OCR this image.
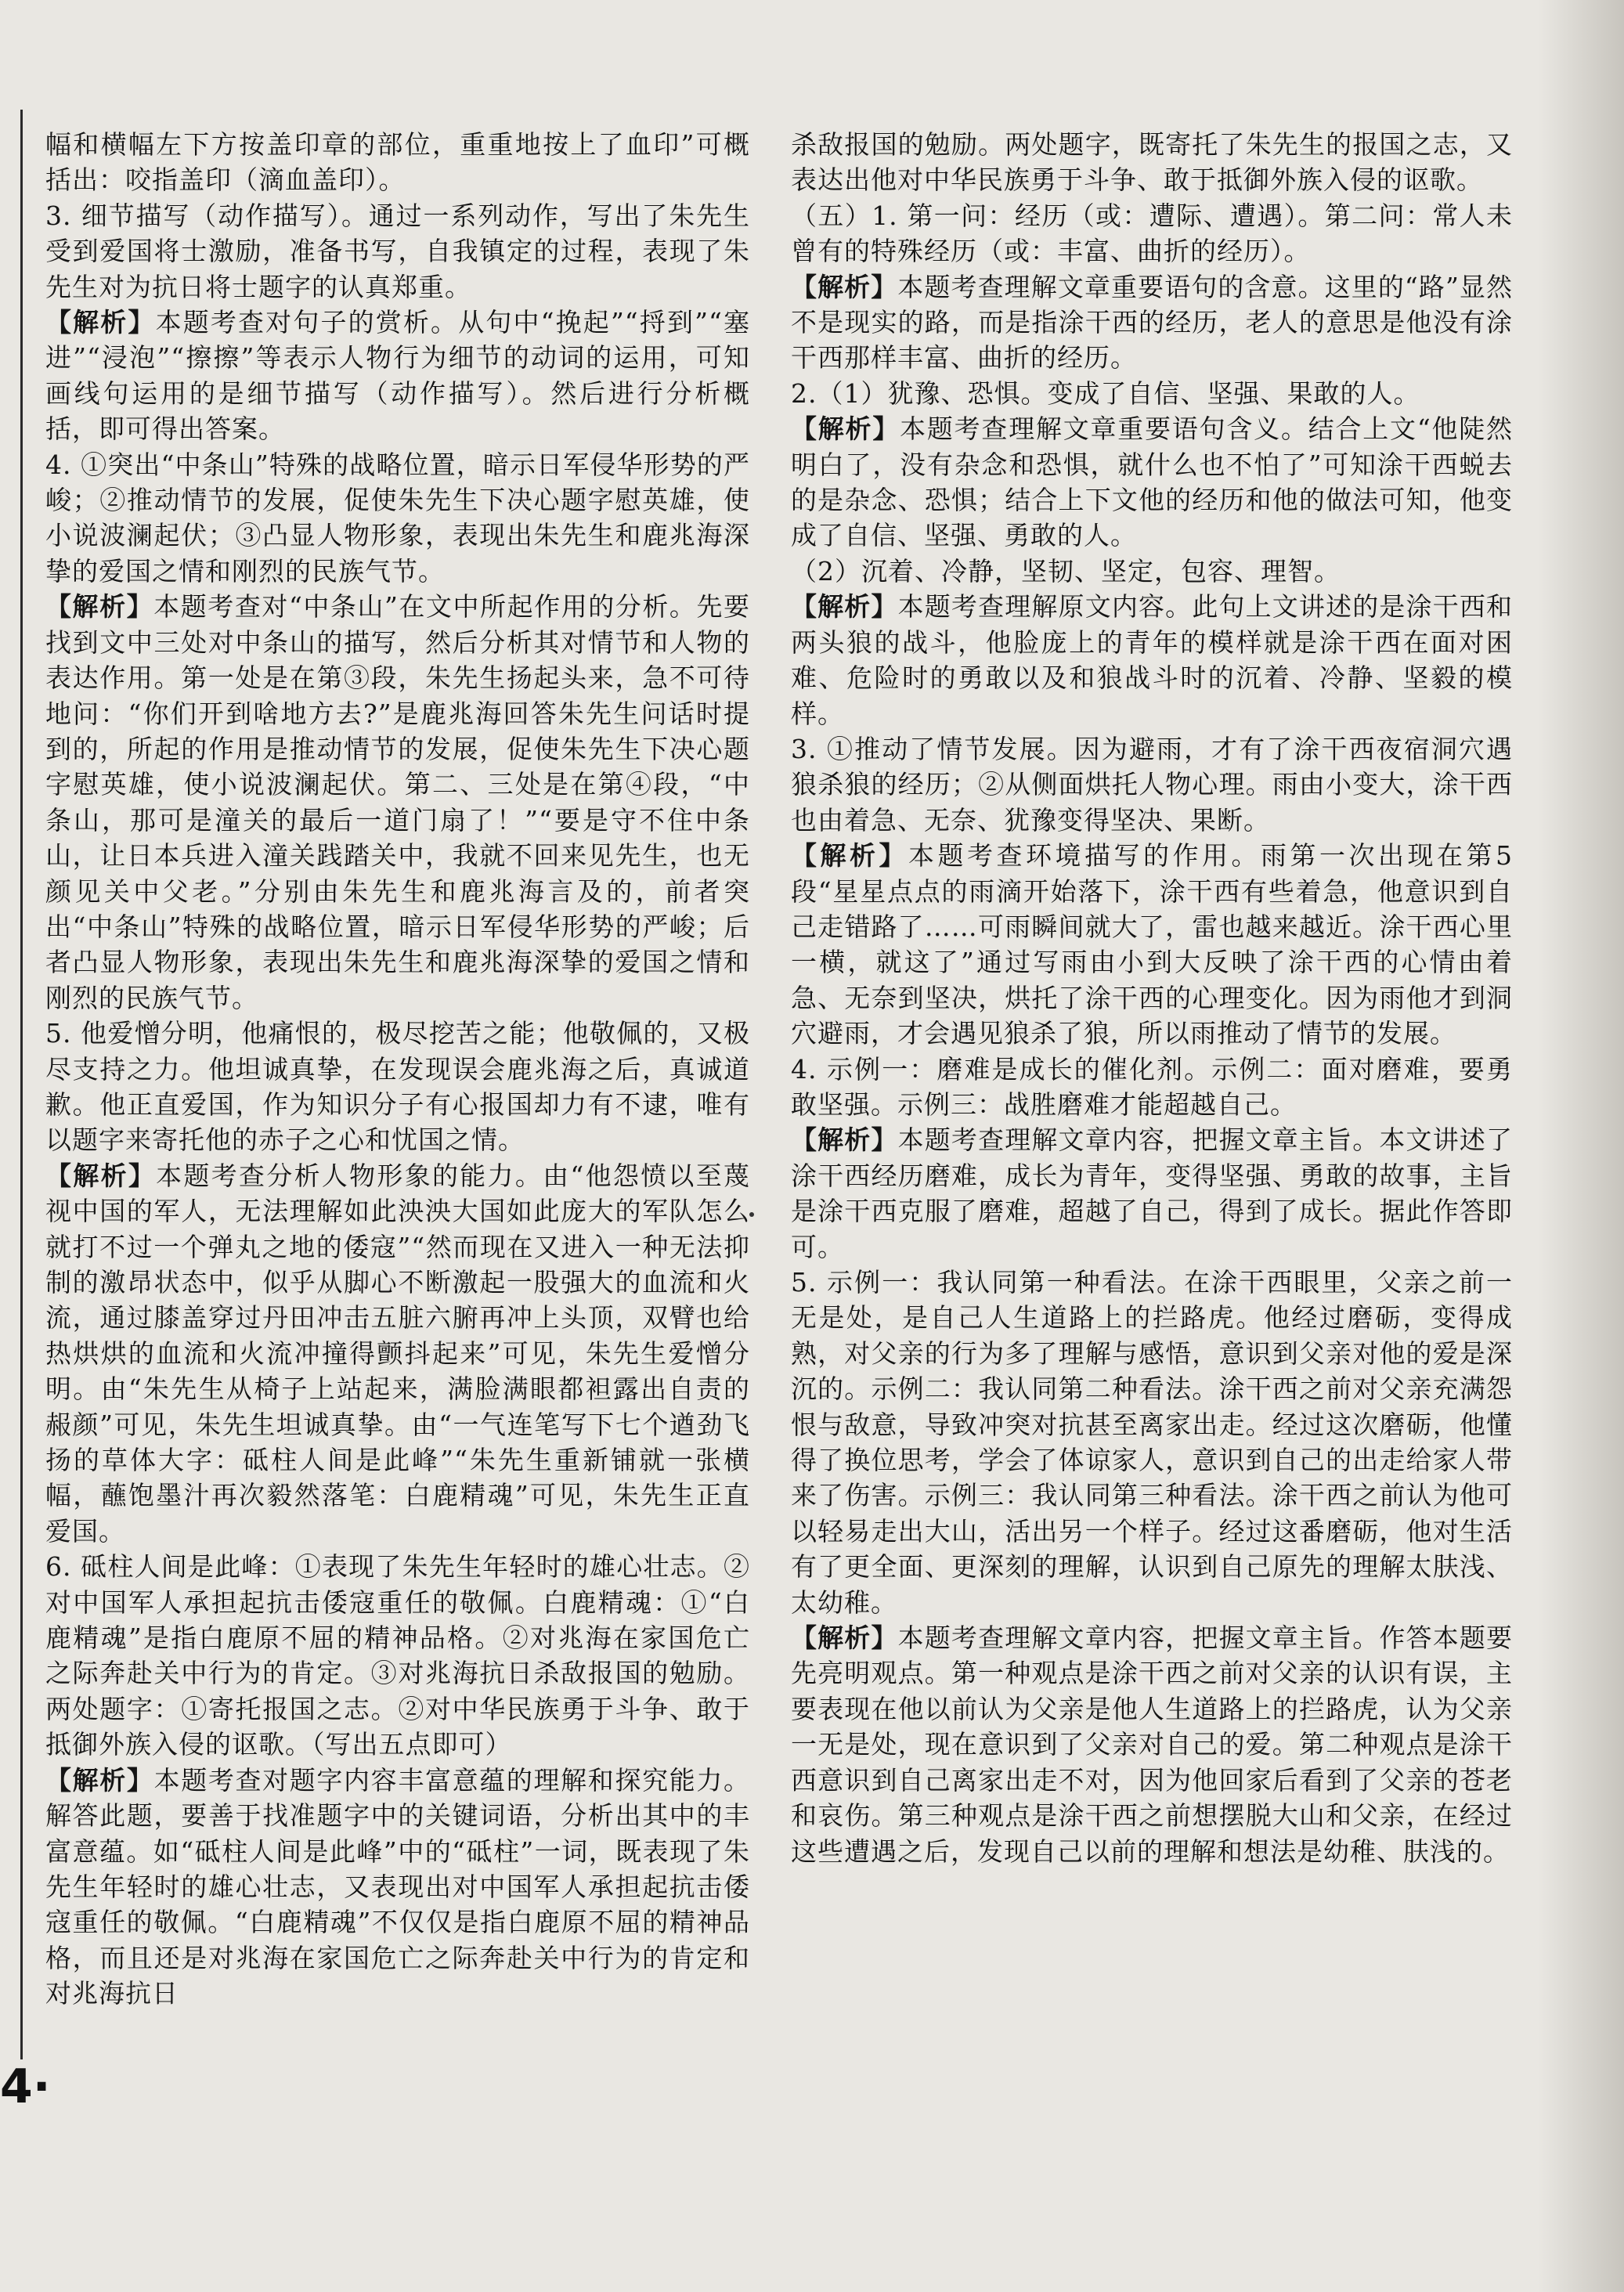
幅和横幅左下方按盖印章的部位，重重地按上了血印”可概括出：咬指盖印（滴血盖印）。

3. 细节描写（动作描写）。通过一系列动作，写出了朱先生受到爱国将士激励，准备书写，自我镇定的过程，表现了朱先生对为抗日将士题字的认真郑重。

【解析】本题考查对句子的赏析。从句中“挽起”“捋到”“塞进”“浸泡”“擦擦”等表示人物行为细节的动词的运用，可知画线句运用的是细节描写（动作描写）。然后进行分析概括，即可得出答案。

4. ①突出“中条山”特殊的战略位置，暗示日军侵华形势的严峻；②推动情节的发展，促使朱先生下决心题字慰英雄，使小说波澜起伏；③凸显人物形象，表现出朱先生和鹿兆海深挚的爱国之情和刚烈的民族气节。

【解析】本题考查对“中条山”在文中所起作用的分析。先要找到文中三处对中条山的描写，然后分析其对情节和人物的表达作用。第一处是在第③段，朱先生扬起头来，急不可待地问：“你们开到啥地方去?”是鹿兆海回答朱先生问话时提到的，所起的作用是推动情节的发展，促使朱先生下决心题字慰英雄，使小说波澜起伏。第二、三处是在第④段，“中条山，那可是潼关的最后一道门扇了！”“要是守不住中条山，让日本兵进入潼关践踏关中，我就不回来见先生，也无颜见关中父老。”分别由朱先生和鹿兆海言及的，前者突出“中条山”特殊的战略位置，暗示日军侵华形势的严峻；后者凸显人物形象，表现出朱先生和鹿兆海深挚的爱国之情和刚烈的民族气节。

5. 他爱憎分明，他痛恨的，极尽挖苦之能；他敬佩的，又极尽支持之力。他坦诚真挚，在发现误会鹿兆海之后，真诚道歉。他正直爱国，作为知识分子有心报国却力有不逮，唯有以题字来寄托他的赤子之心和忧国之情。

【解析】本题考查分析人物形象的能力。由“他怨愤以至蔑视中国的军人，无法理解如此泱泱大国如此庞大的军队怎么就打不过一个弹丸之地的倭寇”“然而现在又进入一种无法抑制的激昂状态中，似乎从脚心不断激起一股强大的血流和火流，通过膝盖穿过丹田冲击五脏六腑再冲上头顶，双臂也给热烘烘的血流和火流冲撞得颤抖起来”可见，朱先生爱憎分明。由“朱先生从椅子上站起来，满脸满眼都袒露出自责的赧颜”可见，朱先生坦诚真挚。由“一气连笔写下七个遒劲飞扬的草体大字：砥柱人间是此峰”“朱先生重新铺就一张横幅，蘸饱墨汁再次毅然落笔：白鹿精魂”可见，朱先生正直爱国。

6. 砥柱人间是此峰：①表现了朱先生年轻时的雄心壮志。②对中国军人承担起抗击倭寇重任的敬佩。白鹿精魂：①“白鹿精魂”是指白鹿原不屈的精神品格。②对兆海在家国危亡之际奔赴关中行为的肯定。③对兆海抗日杀敌报国的勉励。两处题字：①寄托报国之志。②对中华民族勇于斗争、敢于抵御外族入侵的讴歌。（写出五点即可）

【解析】本题考查对题字内容丰富意蕴的理解和探究能力。解答此题，要善于找准题字中的关键词语，分析出其中的丰富意蕴。如“砥柱人间是此峰”中的“砥柱”一词，既表现了朱先生年轻时的雄心壮志，又表现出对中国军人承担起抗击倭寇重任的敬佩。“白鹿精魂”不仅仅是指白鹿原不屈的精神品格，而且还是对兆海在家国危亡之际奔赴关中行为的肯定和对兆海抗日

杀敌报国的勉励。两处题字，既寄托了朱先生的报国之志，又表达出他对中华民族勇于斗争、敢于抵御外族入侵的讴歌。

（五）1. 第一问：经历（或：遭际、遭遇）。第二问：常人未曾有的特殊经历（或：丰富、曲折的经历）。

【解析】本题考查理解文章重要语句的含意。这里的“路”显然不是现实的路，而是指涂干西的经历，老人的意思是他没有涂干西那样丰富、曲折的经历。

2.（1）犹豫、恐惧。变成了自信、坚强、果敢的人。

【解析】本题考查理解文章重要语句含义。结合上文“他陡然明白了，没有杂念和恐惧，就什么也不怕了”可知涂干西蜕去的是杂念、恐惧；结合上下文他的经历和他的做法可知，他变成了自信、坚强、勇敢的人。

（2）沉着、冷静，坚韧、坚定，包容、理智。

【解析】本题考查理解原文内容。此句上文讲述的是涂干西和两头狼的战斗，他脸庞上的青年的模样就是涂干西在面对困难、危险时的勇敢以及和狼战斗时的沉着、冷静、坚毅的模样。

3. ①推动了情节发展。因为避雨，才有了涂干西夜宿洞穴遇狼杀狼的经历；②从侧面烘托人物心理。雨由小变大，涂干西也由着急、无奈、犹豫变得坚决、果断。

【解析】本题考查环境描写的作用。雨第一次出现在第5段“星星点点的雨滴开始落下，涂干西有些着急，他意识到自己走错路了……可雨瞬间就大了，雷也越来越近。涂干西心里一横，就这了”通过写雨由小到大反映了涂干西的心情由着急、无奈到坚决，烘托了涂干西的心理变化。因为雨他才到洞穴避雨，才会遇见狼杀了狼，所以雨推动了情节的发展。

4. 示例一：磨难是成长的催化剂。示例二：面对磨难，要勇敢坚强。示例三：战胜磨难才能超越自己。

【解析】本题考查理解文章内容，把握文章主旨。本文讲述了涂干西经历磨难，成长为青年，变得坚强、勇敢的故事，主旨是涂干西克服了磨难，超越了自己，得到了成长。据此作答即可。

5. 示例一：我认同第一种看法。在涂干西眼里，父亲之前一无是处，是自己人生道路上的拦路虎。他经过磨砺，变得成熟，对父亲的行为多了理解与感悟，意识到父亲对他的爱是深沉的。示例二：我认同第二种看法。涂干西之前对父亲充满怨恨与敌意，导致冲突对抗甚至离家出走。经过这次磨砺，他懂得了换位思考，学会了体谅家人，意识到自己的出走给家人带来了伤害。示例三：我认同第三种看法。涂干西之前认为他可以轻易走出大山，活出另一个样子。经过这番磨砺，他对生活有了更全面、更深刻的理解，认识到自己原先的理解太肤浅、太幼稚。

【解析】本题考查理解文章内容，把握文章主旨。作答本题要先亮明观点。第一种观点是涂干西之前对父亲的认识有误，主要表现在他以前认为父亲是他人生道路上的拦路虎，认为父亲一无是处，现在意识到了父亲对自己的爱。第二种观点是涂干西意识到自己离家出走不对，因为他回家后看到了父亲的苍老和哀伤。第三种观点是涂干西之前想摆脱大山和父亲，在经过这些遭遇之后，发现自己以前的理解和想法是幼稚、肤浅的。

4·
